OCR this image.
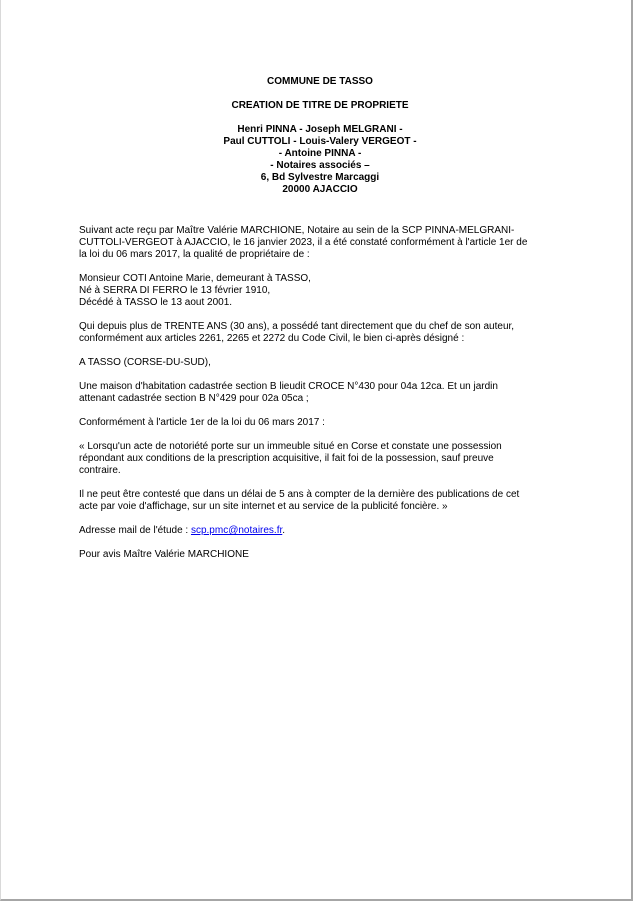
COMMUNE DE TASSO
CREATION DE TITRE DE PROPRIETE
Henri PINNA - Joseph MELGRANI -
Paul CUTTOLI - Louis-Valery VERGEOT -
- Antoine PINNA -
- Notaires associés –
6, Bd Sylvestre Marcaggi
20000 AJACCIO

Suivant acte reçu par Maître Valérie MARCHIONE, Notaire au sein de la SCP PINNA-MELGRANI-
CUTTOLI-VERGEOT à AJACCIO, le 16 janvier 2023, il a été constaté conformément à l'article 1er de
la loi du 06 mars 2017, la qualité de propriétaire de :

Monsieur COTI Antoine Marie, demeurant à TASSO,
Né à SERRA DI FERRO le 13 février 1910,
Décédé à TASSO le 13 aout 2001.

Qui depuis plus de TRENTE ANS (30 ans), a possédé tant directement que du chef de son auteur,
conformément aux articles 2261, 2265 et 2272 du Code Civil, le bien ci-après désigné :

A TASSO (CORSE-DU-SUD),

Une maison d'habitation cadastrée section B lieudit CROCE N°430 pour 04a 12ca. Et un jardin
attenant cadastrée section B N°429 pour 02a 05ca ;

Conformément à l'article 1er de la loi du 06 mars 2017 :

« Lorsqu'un acte de notoriété porte sur un immeuble situé en Corse et constate une possession
répondant aux conditions de la prescription acquisitive, il fait foi de la possession, sauf preuve
contraire.

Il ne peut être contesté que dans un délai de 5 ans à compter de la dernière des publications de cet
acte par voie d'affichage, sur un site internet et au service de la publicité foncière. »

Adresse mail de l'étude : scp.pmc@notaires.fr.

Pour avis Maître Valérie MARCHIONE
